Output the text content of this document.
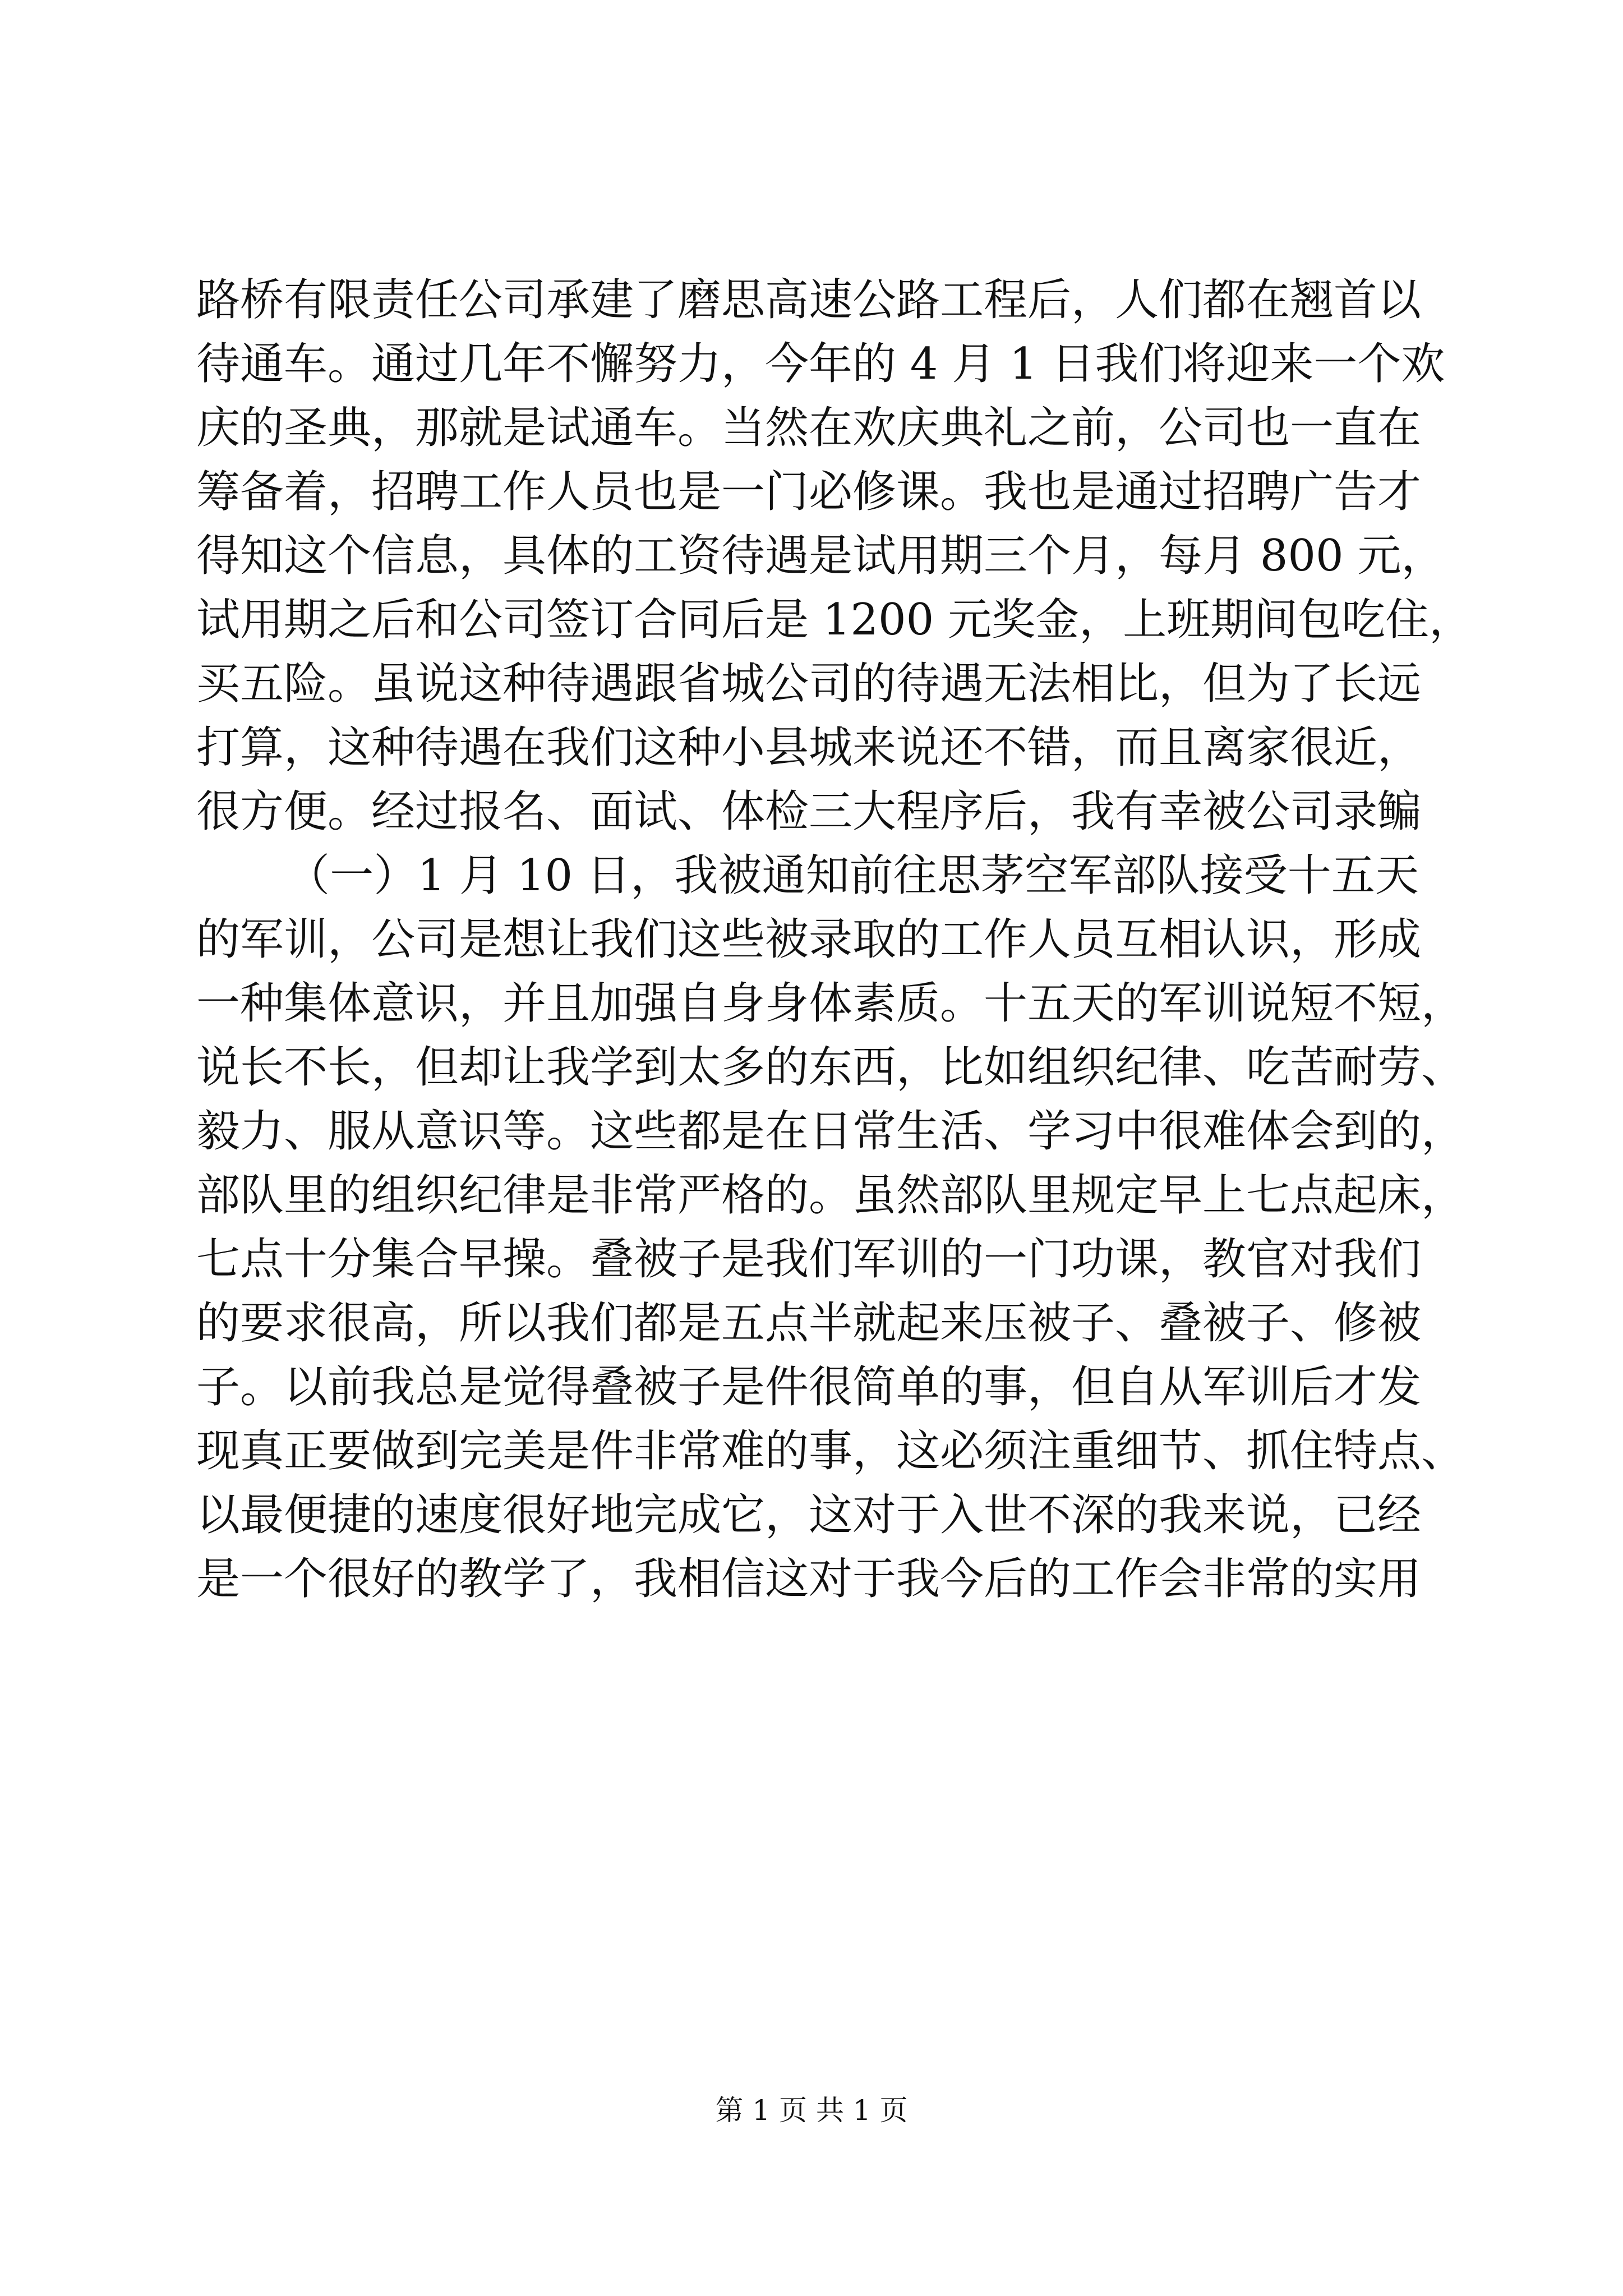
路桥有限责任公司承建了磨思高速公路工程后，人们都在翘首以
待通车。通过几年不懈努力，今年的 4 月 1 日我们将迎来一个欢
庆的圣典，那就是试通车。当然在欢庆典礼之前，公司也一直在
筹备着，招聘工作人员也是一门必修课。我也是通过招聘广告才
得知这个信息，具体的工资待遇是试用期三个月，每月 800 元，
试用期之后和公司签订合同后是 1200 元奖金，上班期间包吃住，
买五险。虽说这种待遇跟省城公司的待遇无法相比，但为了长远
打算，这种待遇在我们这种小县城来说还不错，而且离家很近，
很方便。经过报名、面试、体检三大程序后，我有幸被公司录鳊
（一）1 月 10 日，我被通知前往思茅空军部队接受十五天
的军训，公司是想让我们这些被录取的工作人员互相认识，形成
一种集体意识，并且加强自身身体素质。十五天的军训说短不短，
说长不长，但却让我学到太多的东西，比如组织纪律、吃苦耐劳、
毅力、服从意识等。这些都是在日常生活、学习中很难体会到的，
部队里的组织纪律是非常严格的。虽然部队里规定早上七点起床，
七点十分集合早操。叠被子是我们军训的一门功课，教官对我们
的要求很高，所以我们都是五点半就起来压被子、叠被子、修被
子。以前我总是觉得叠被子是件很简单的事，但自从军训后才发
现真正要做到完美是件非常难的事，这必须注重细节、抓住特点、
以最便捷的速度很好地完成它，这对于入世不深的我来说，已经
是一个很好的教学了，我相信这对于我今后的工作会非常的实用
第 1 页 共 1 页
